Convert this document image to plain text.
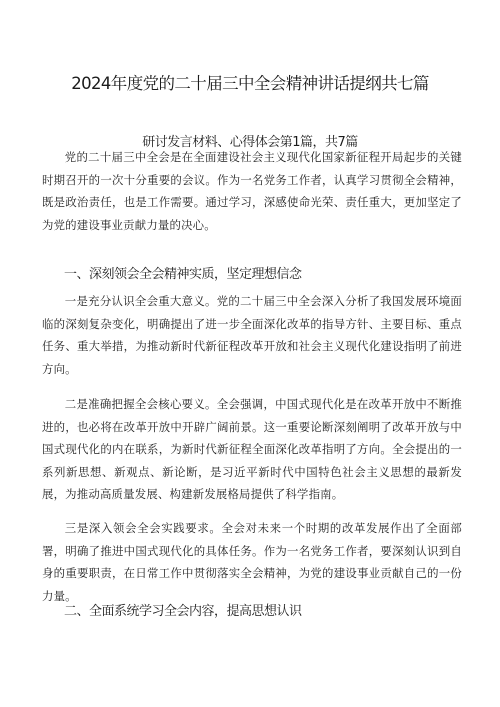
2024年度党的二十届三中全会精神讲话提纲共七篇
研讨发言材料、心得体会第1篇，共7篇

党的二十届三中全会是在全面建设社会主义现代化国家新征程开局起步的关键时期召开的一次十分重要的会议。作为一名党务工作者，认真学习贯彻全会精神，既是政治责任，也是工作需要。通过学习，深感使命光荣、责任重大，更加坚定了为党的建设事业贡献力量的决心。

一、深刻领会全会精神实质，坚定理想信念

一是充分认识全会重大意义。党的二十届三中全会深入分析了我国发展环境面临的深刻复杂变化，明确提出了进一步全面深化改革的指导方针、主要目标、重点任务、重大举措，为推动新时代新征程改革开放和社会主义现代化建设指明了前进方向。

二是准确把握全会核心要义。全会强调，中国式现代化是在改革开放中不断推进的，也必将在改革开放中开辟广阔前景。这一重要论断深刻阐明了改革开放与中国式现代化的内在联系，为新时代新征程全面深化改革指明了方向。全会提出的一系列新思想、新观点、新论断，是习近平新时代中国特色社会主义思想的最新发展，为推动高质量发展、构建新发展格局提供了科学指南。

三是深入领会全会实践要求。全会对未来一个时期的改革发展作出了全面部署，明确了推进中国式现代化的具体任务。作为一名党务工作者，要深刻认识到自身的重要职责，在日常工作中贯彻落实全会精神，为党的建设事业贡献自己的一份力量。

二、全面系统学习全会内容，提高思想认识
